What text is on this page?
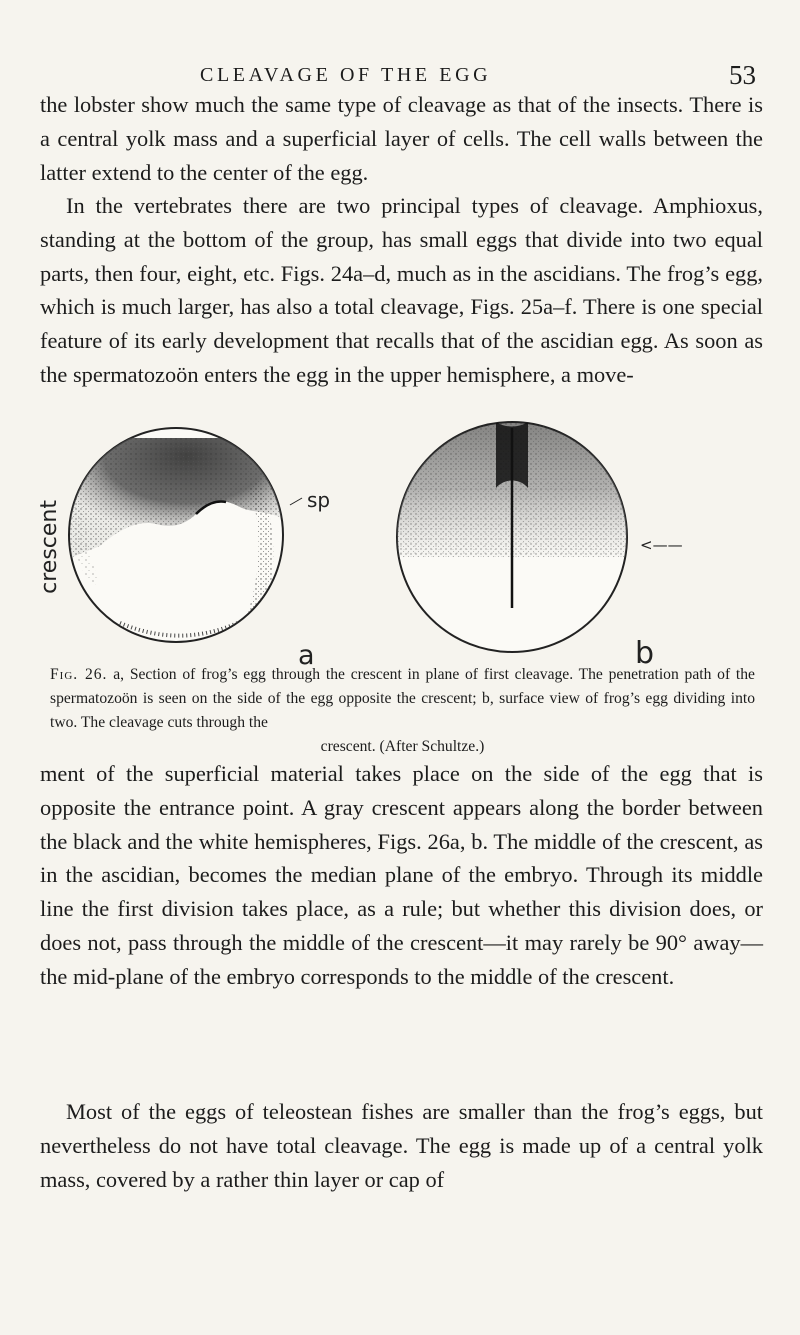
CLEAVAGE OF THE EGG	53

the lobster show much the same type of cleavage as that of the insects. There is a central yolk mass and a superficial layer of cells. The cell walls between the latter extend to the center of the egg.

In the vertebrates there are two principal types of cleavage. Amphioxus, standing at the bottom of the group, has small eggs that divide into two equal parts, then four, eight, etc. Figs. 24a–d, much as in the ascidians. The frog’s egg, which is much larger, has also a total cleavage, Figs. 25a–f. There is one special feature of its early development that recalls that of the ascidian egg. As soon as the spermatozoön enters the egg in the upper hemisphere, a move-

crescent	sp
<——
a	b

Fig. 26. a, Section of frog’s egg through the crescent in plane of first cleavage. The penetration path of the spermatozoön is seen on the side of the egg opposite the crescent; b, surface view of frog’s egg dividing into two. The cleavage cuts through the
crescent. (After Schultze.)

ment of the superficial material takes place on the side of the egg that is opposite the entrance point. A gray crescent appears along the border between the black and the white hemispheres, Figs. 26a, b. The middle of the crescent, as in the ascidian, becomes the median plane of the embryo. Through its middle line the first division takes place, as a rule; but whether this division does, or does not, pass through the middle of the crescent—it may rarely be 90° away—the mid-plane of the embryo corresponds to the middle of the crescent.

Most of the eggs of teleostean fishes are smaller than the frog’s eggs, but nevertheless do not have total cleavage. The egg is made up of a central yolk mass, covered by a rather thin layer or cap of
